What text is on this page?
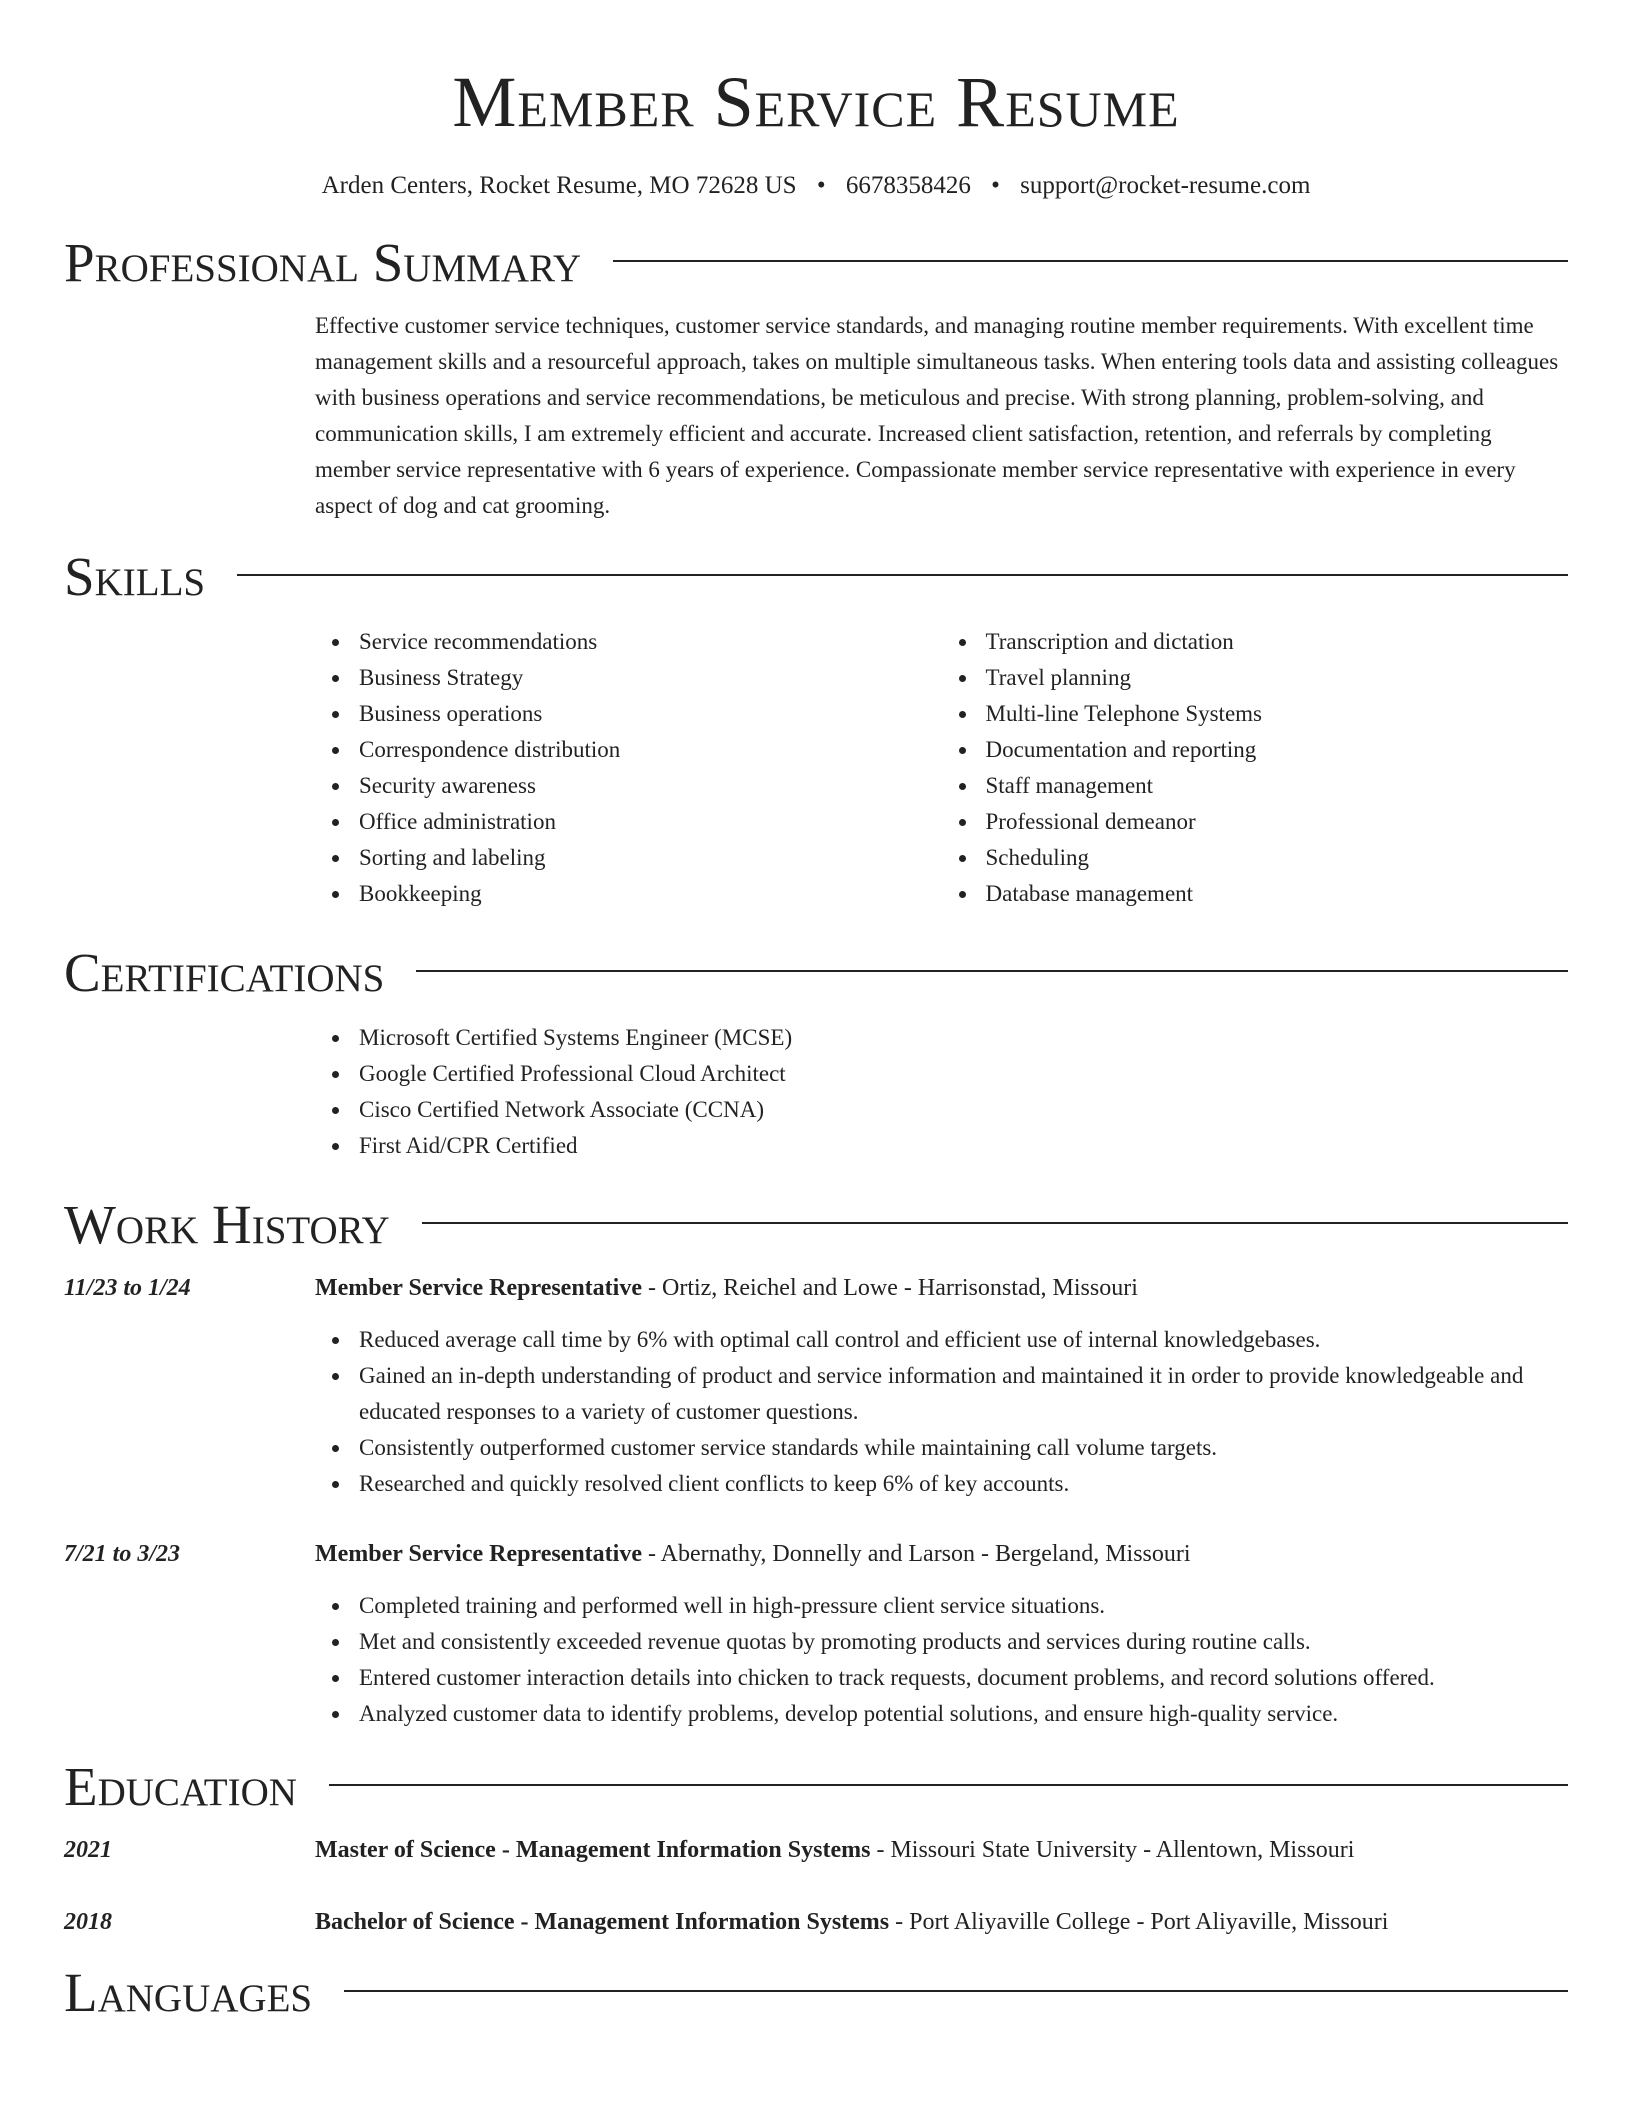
Member Service Resume
Arden Centers, Rocket Resume, MO 72628 US • 6678358426 • support@rocket-resume.com
Professional Summary
Effective customer service techniques, customer service standards, and managing routine member requirements. With excellent time management skills and a resourceful approach, takes on multiple simultaneous tasks. When entering tools data and assisting colleagues with business operations and service recommendations, be meticulous and precise. With strong planning, problem-solving, and communication skills, I am extremely efficient and accurate. Increased client satisfaction, retention, and referrals by completing member service representative with 6 years of experience. Compassionate member service representative with experience in every aspect of dog and cat grooming.
Skills
Service recommendations
Business Strategy
Business operations
Correspondence distribution
Security awareness
Office administration
Sorting and labeling
Bookkeeping
Transcription and dictation
Travel planning
Multi-line Telephone Systems
Documentation and reporting
Staff management
Professional demeanor
Scheduling
Database management
Certifications
Microsoft Certified Systems Engineer (MCSE)
Google Certified Professional Cloud Architect
Cisco Certified Network Associate (CCNA)
First Aid/CPR Certified
Work History
11/23 to 1/24	Member Service Representative - Ortiz, Reichel and Lowe - Harrisonstad, Missouri
Reduced average call time by 6% with optimal call control and efficient use of internal knowledgebases.
Gained an in-depth understanding of product and service information and maintained it in order to provide knowledgeable and educated responses to a variety of customer questions.
Consistently outperformed customer service standards while maintaining call volume targets.
Researched and quickly resolved client conflicts to keep 6% of key accounts.
7/21 to 3/23	Member Service Representative - Abernathy, Donnelly and Larson - Bergeland, Missouri
Completed training and performed well in high-pressure client service situations.
Met and consistently exceeded revenue quotas by promoting products and services during routine calls.
Entered customer interaction details into chicken to track requests, document problems, and record solutions offered.
Analyzed customer data to identify problems, develop potential solutions, and ensure high-quality service.
Education
2021	Master of Science - Management Information Systems - Missouri State University - Allentown, Missouri
2018	Bachelor of Science - Management Information Systems - Port Aliyaville College - Port Aliyaville, Missouri
Languages
